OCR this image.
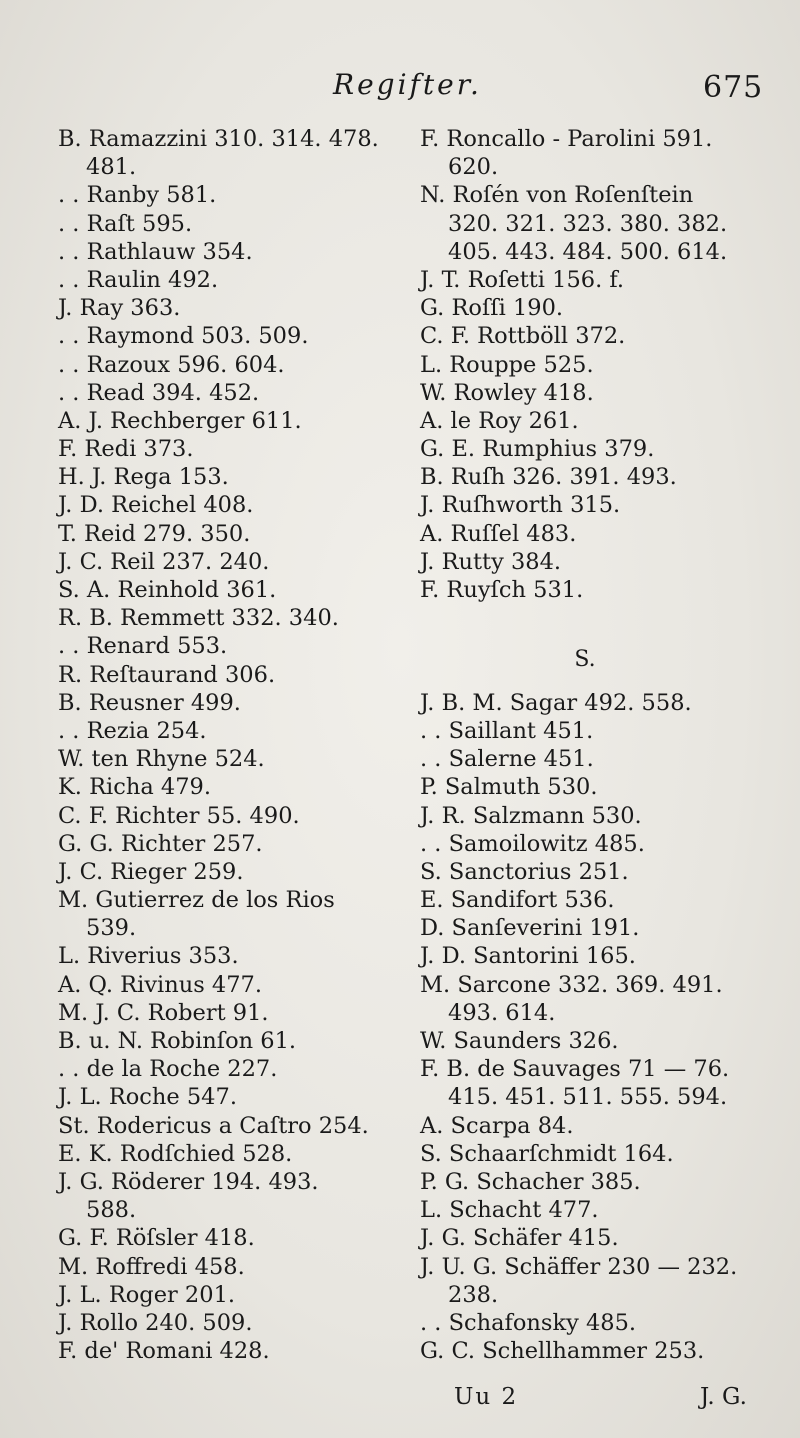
Regifter.	675
B. Ramazzini 310. 314. 478.
481.
. . Ranby 581.
. . Raſt 595.
. . Rathlauw 354.
. . Raulin 492.
J. Ray 363.
. . Raymond 503. 509.
. . Razoux 596. 604.
. . Read 394. 452.
A. J. Rechberger 611.
F. Redi 373.
H. J. Rega 153.
J. D. Reichel 408.
T. Reid 279. 350.
J. C. Reil 237. 240.
S. A. Reinhold 361.
R. B. Remmett 332. 340.
. . Renard 553.
R. Reſtaurand 306.
B. Reusner 499.
. . Rezia 254.
W. ten Rhyne 524.
K. Richa 479.
C. F. Richter 55. 490.
G. G. Richter 257.
J. C. Rieger 259.
M. Gutierrez de los Rios
539.
L. Riverius 353.
A. Q. Rivinus 477.
M. J. C. Robert 91.
B. u. N. Robinſon 61.
. . de la Roche 227.
J. L. Roche 547.
St. Rodericus a Caſtro 254.
E. K. Rodſchied 528.
J. G. Röderer 194. 493.
588.
G. F. Röſsler 418.
M. Roffredi 458.
J. L. Roger 201.
J. Rollo 240. 509.
F. de' Romani 428.
F. Roncallo - Parolini 591.
620.
N. Roſén von Roſenſtein
320. 321. 323. 380. 382.
405. 443. 484. 500. 614.
J. T. Roſetti 156. f.
G. Roſſi 190.
C. F. Rottböll 372.
L. Rouppe 525.
W. Rowley 418.
A. le Roy 261.
G. E. Rumphius 379.
B. Ruſh 326. 391. 493.
J. Ruſhworth 315.
A. Ruſſel 483.
J. Rutty 384.
F. Ruyſch 531.
S.
J. B. M. Sagar 492. 558.
. . Saillant 451.
. . Salerne 451.
P. Salmuth 530.
J. R. Salzmann 530.
. . Samoilowitz 485.
S. Sanctorius 251.
E. Sandifort 536.
D. Sanſeverini 191.
J. D. Santorini 165.
M. Sarcone 332. 369. 491.
493. 614.
W. Saunders 326.
F. B. de Sauvages 71 — 76.
415. 451. 511. 555. 594.
A. Scarpa 84.
S. Schaarſchmidt 164.
P. G. Schacher 385.
L. Schacht 477.
J. G. Schäfer 415.
J. U. G. Schäffer 230 — 232.
238.
. . Schafonsky 485.
G. C. Schellhammer 253.
Uu 2	J. G.
